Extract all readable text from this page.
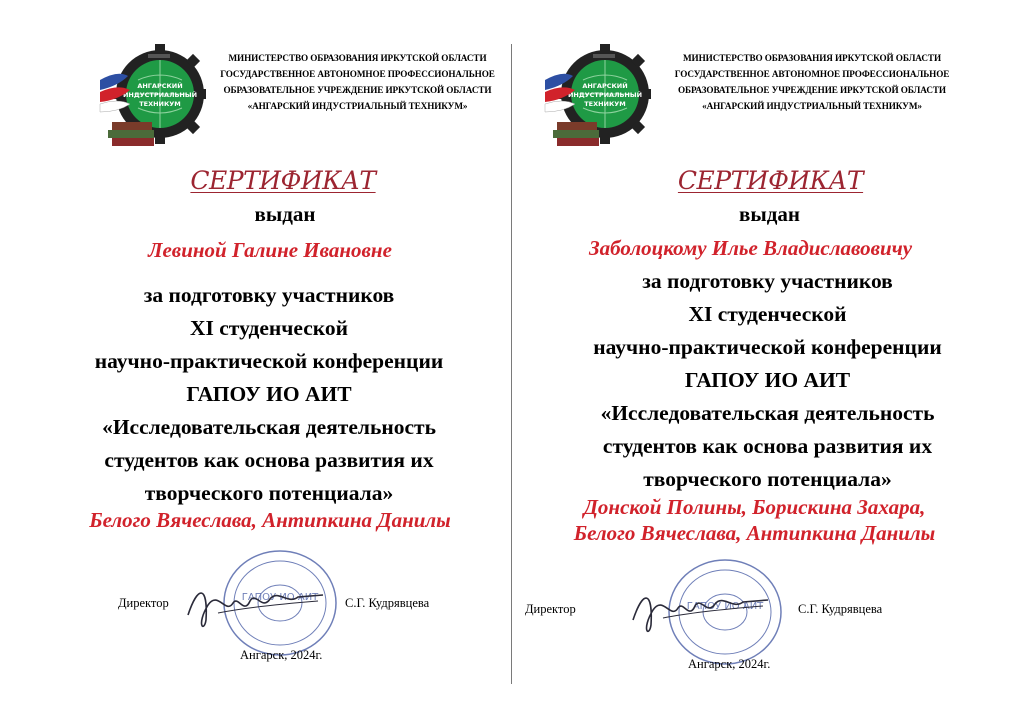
АНГАРСКИЙ
ИНДУСТРИАЛЬНЫЙ
ТЕХНИКУМ
МИНИСТЕРСТВО ОБРАЗОВАНИЯ ИРКУТСКОЙ ОБЛАСТИ
ГОСУДАРСТВЕННОЕ АВТОНОМНОЕ ПРОФЕССИОНАЛЬНОЕ
ОБРАЗОВАТЕЛЬНОЕ УЧРЕЖДЕНИЕ ИРКУТСКОЙ ОБЛАСТИ
«АНГАРСКИЙ ИНДУСТРИАЛЬНЫЙ ТЕХНИКУМ»
СЕРТИФИКАТ
выдан
Левиной Галине Ивановне
за подготовку участников
XI студенческой
научно-практической конференции
ГАПОУ ИО АИТ
«Исследовательская деятельность
студентов как основа развития их
творческого потенциала»
Белого Вячеслава, Антипкина Данилы
ГАПОУ ИО АИТ
Директор	С.Г. Кудрявцева
Ангарск, 2024г.
АНГАРСКИЙ
ИНДУСТРИАЛЬНЫЙ
ТЕХНИКУМ
МИНИСТЕРСТВО ОБРАЗОВАНИЯ ИРКУТСКОЙ ОБЛАСТИ
ГОСУДАРСТВЕННОЕ АВТОНОМНОЕ ПРОФЕССИОНАЛЬНОЕ
ОБРАЗОВАТЕЛЬНОЕ УЧРЕЖДЕНИЕ ИРКУТСКОЙ ОБЛАСТИ
«АНГАРСКИЙ ИНДУСТРИАЛЬНЫЙ ТЕХНИКУМ»
СЕРТИФИКАТ
выдан
Заболоцкому Илье Владиславовичу
за подготовку участников
XI студенческой
научно-практической конференции
ГАПОУ ИО АИТ
«Исследовательская деятельность
студентов как основа развития их
творческого потенциала»
Донской Полины, Борискина Захара,
Белого Вячеслава, Антипкина Данилы
ГАПОУ ИО АИТ
Директор	С.Г. Кудрявцева
Ангарск, 2024г.
